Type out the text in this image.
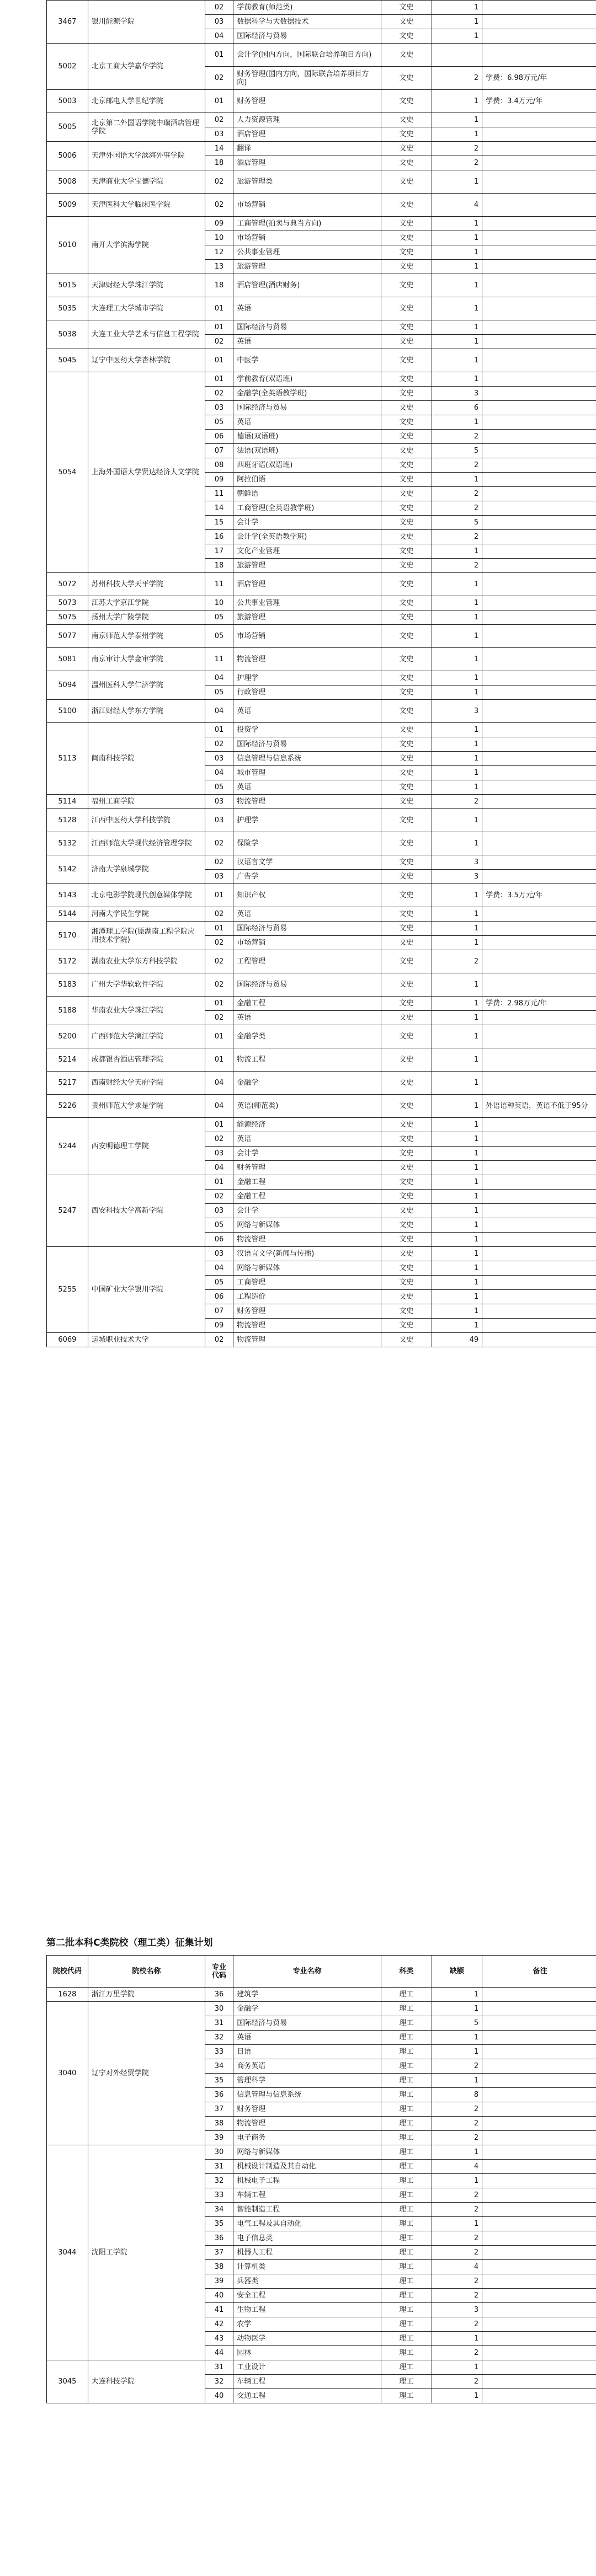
3467	银川能源学院	02	学前教育(师范类)	文史	1	
		03	数据科学与大数据技术	文史	1	
		04	国际经济与贸易	文史	1	
5002	北京工商大学嘉华学院	01	会计学(国内方向，国际联合培养项目方向)	文史		
		02	财务管理(国内方向，国际联合培养项目方向)	文史	2	学费：6.98万元/年
5003	北京邮电大学世纪学院	01	财务管理	文史	1	学费：3.4万元/年
5005	北京第二外国语学院中瑞酒店管理学院	02	人力资源管理	文史	1	
		03	酒店管理	文史	1	
5006	天津外国语大学滨海外事学院	14	翻译	文史	2	
		18	酒店管理	文史	2	
5008	天津商业大学宝德学院	02	旅游管理类	文史	1	
5009	天津医科大学临床医学院	02	市场营销	文史	4	
5010	南开大学滨海学院	09	工商管理(拍卖与典当方向)	文史	1	
		10	市场营销	文史	1	
		12	公共事业管理	文史	1	
		13	旅游管理	文史	1	
5015	天津财经大学珠江学院	18	酒店管理(酒店财务)	文史	1	
5035	大连理工大学城市学院	01	英语	文史	1	
5038	大连工业大学艺术与信息工程学院	01	国际经济与贸易	文史	1	
		02	英语	文史	1	
5045	辽宁中医药大学杏林学院	01	中医学	文史	1	
5054	上海外国语大学贤达经济人文学院	01	学前教育(双语班)	文史	1	
		02	金融学(全英语教学班)	文史	3	
		03	国际经济与贸易	文史	6	
		05	英语	文史	1	
		06	德语(双语班)	文史	2	
		07	法语(双语班)	文史	5	
		08	西班牙语(双语班)	文史	2	
		09	阿拉伯语	文史	1	
		11	朝鲜语	文史	2	
		14	工商管理(全英语教学班)	文史	2	
		15	会计学	文史	5	
		16	会计学(全英语教学班)	文史	2	
		17	文化产业管理	文史	1	
		18	旅游管理	文史	2	
5072	苏州科技大学天平学院	11	酒店管理	文史	1	
5073	江苏大学京江学院	10	公共事业管理	文史	1	
5075	扬州大学广陵学院	05	旅游管理	文史	1	
5077	南京师范大学泰州学院	05	市场营销	文史	1	
5081	南京审计大学金审学院	11	物流管理	文史	1	
5094	温州医科大学仁济学院	04	护理学	文史	1	
		05	行政管理	文史	1	
5100	浙江财经大学东方学院	04	英语	文史	3	
5113	闽南科技学院	01	投资学	文史	1	
		02	国际经济与贸易	文史	1	
		03	信息管理与信息系统	文史	1	
		04	城市管理	文史	1	
		05	英语	文史	1	
5114	福州工商学院	03	物流管理	文史	2	
5128	江西中医药大学科技学院	03	护理学	文史	1	
5132	江西师范大学现代经济管理学院	02	保险学	文史	1	
5142	济南大学泉城学院	02	汉语言文学	文史	3	
		03	广告学	文史	3	
5143	北京电影学院现代创意媒体学院	01	知识产权	文史	1	学费：3.5万元/年
5144	河南大学民生学院	02	英语	文史	1	
5170	湘潭理工学院(原湖南工程学院应用技术学院)	01	国际经济与贸易	文史	1	
		02	市场营销	文史	1	
5172	湖南农业大学东方科技学院	02	工程管理	文史	2	
5183	广州大学华软软件学院	02	国际经济与贸易	文史	1	
5188	华南农业大学珠江学院	01	金融工程	文史	1	学费：2.98万元/年
		02	英语	文史	1	
5200	广西师范大学漓江学院	01	金融学类	文史	1	
5214	成都银杏酒店管理学院	01	物流工程	文史	1	
5217	西南财经大学天府学院	04	金融学	文史	1	
5226	贵州师范大学求是学院	04	英语(师范类)	文史	1	外语语种英语，英语不低于95分
5244	西安明德理工学院	01	能源经济	文史	1	
		02	英语	文史	1	
		03	会计学	文史	1	
		04	财务管理	文史	1	
5247	西安科技大学高新学院	01	金融工程	文史	1	
		02	金融工程	文史	1	
		03	会计学	文史	1	
		05	网络与新媒体	文史	1	
		06	物流管理	文史	1	
5255	中国矿业大学银川学院	03	汉语言文学(新闻与传播)	文史	1	
		04	网络与新媒体	文史	1	
		05	工商管理	文史	1	
		06	工程造价	文史	1	
		07	财务管理	文史	1	
		09	物流管理	文史	1	
6069	运城职业技术大学	02	物流管理	文史	49	
第二批本科C类院校（理工类）征集计划
院校代码	院校名称	专业代码	专业名称	科类	缺额	备注
1628	浙江万里学院	36	建筑学	理工	1	
3040	辽宁对外经贸学院	30	金融学	理工	1	
		31	国际经济与贸易	理工	5	
		32	英语	理工	1	
		33	日语	理工	1	
		34	商务英语	理工	2	
		35	管理科学	理工	1	
		36	信息管理与信息系统	理工	8	
		37	财务管理	理工	2	
		38	物流管理	理工	2	
		39	电子商务	理工	2	
3044	沈阳工学院	30	网络与新媒体	理工	1	
		31	机械设计制造及其自动化	理工	4	
		32	机械电子工程	理工	1	
		33	车辆工程	理工	2	
		34	智能制造工程	理工	2	
		35	电气工程及其自动化	理工	1	
		36	电子信息类	理工	2	
		37	机器人工程	理工	2	
		38	计算机类	理工	4	
		39	兵器类	理工	2	
		40	安全工程	理工	2	
		41	生物工程	理工	3	
		42	农学	理工	2	
		43	动物医学	理工	1	
		44	园林	理工	2	
3045	大连科技学院	31	工业设计	理工	1	
		32	车辆工程	理工	2	
		40	交通工程	理工	1	
